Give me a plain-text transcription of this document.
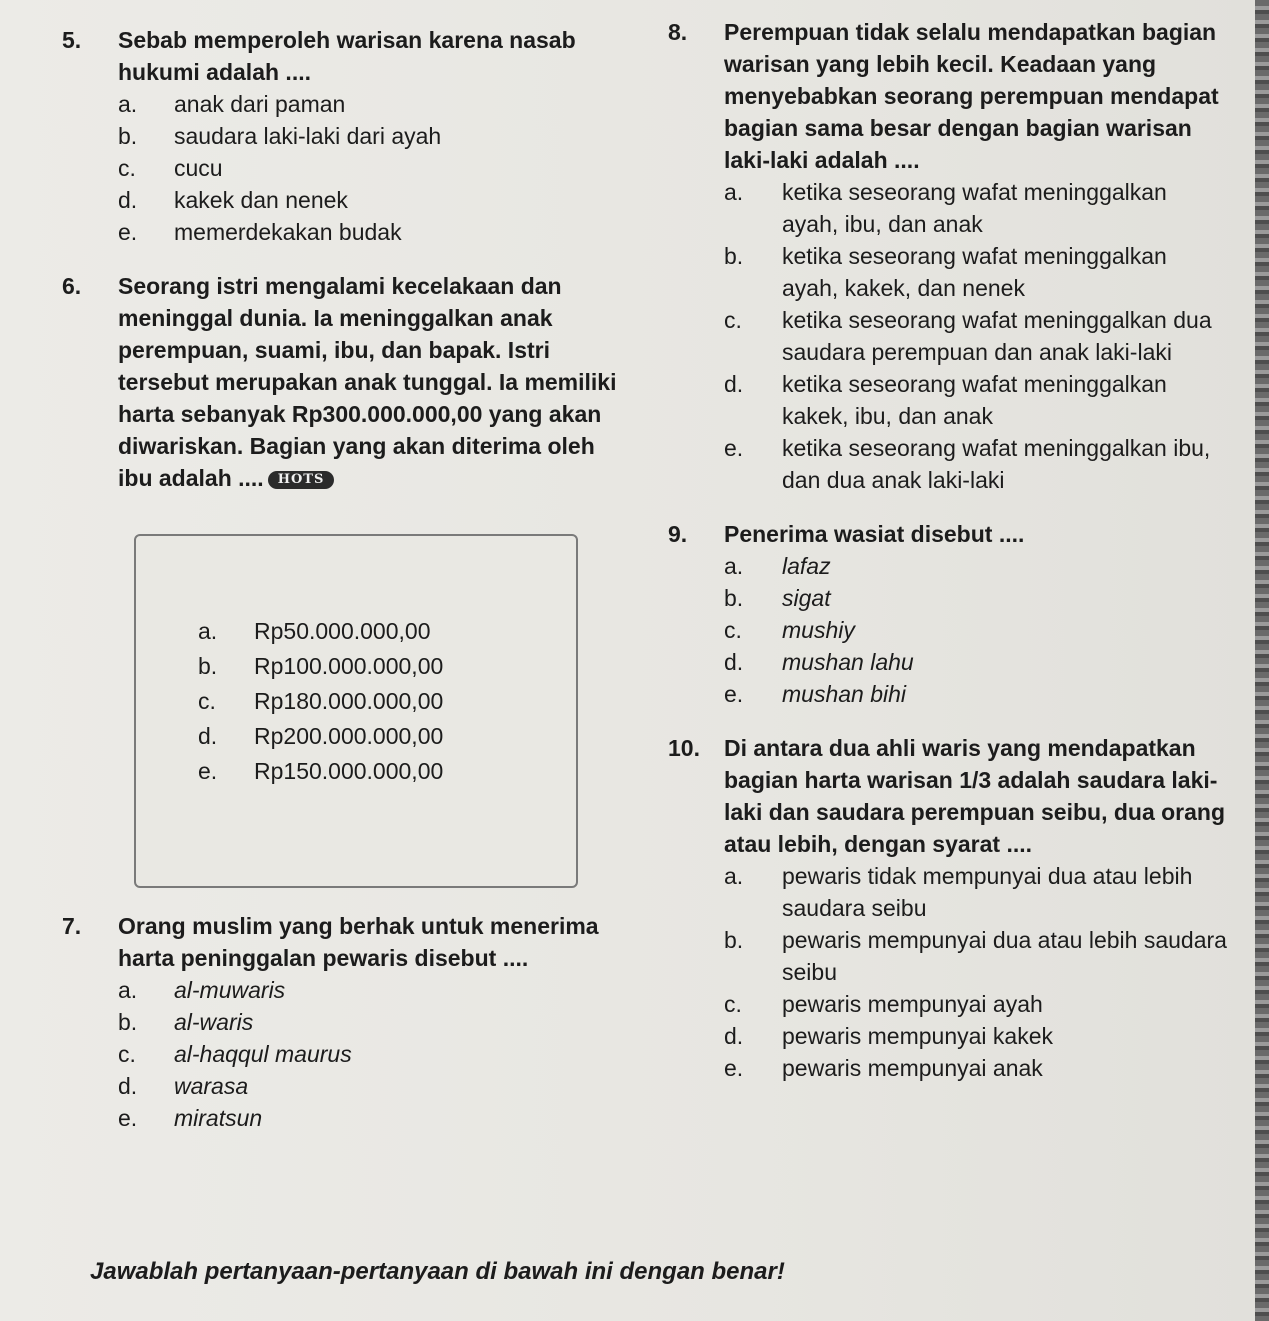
5. Sebab memperoleh warisan karena nasab hukumi adalah ....
a. anak dari paman
b. saudara laki-laki dari ayah
c. cucu
d. kakek dan nenek
e. memerdekakan budak
6. Seorang istri mengalami kecelakaan dan meninggal dunia. Ia meninggalkan anak perempuan, suami, ibu, dan bapak. Istri tersebut merupakan anak tunggal. Ia memiliki harta sebanyak Rp300.000.000,00 yang akan diwariskan. Bagian yang akan diterima oleh ibu adalah .... HOTS
a. Rp50.000.000,00
b. Rp100.000.000,00
c. Rp180.000.000,00
d. Rp200.000.000,00
e. Rp150.000.000,00
7. Orang muslim yang berhak untuk menerima harta peninggalan pewaris disebut ....
a. al-muwaris
b. al-waris
c. al-haqqul maurus
d. warasa
e. miratsun
8. Perempuan tidak selalu mendapatkan bagian warisan yang lebih kecil. Keadaan yang menyebabkan seorang perempuan mendapat bagian sama besar dengan bagian warisan laki-laki adalah ....
a. ketika seseorang wafat meninggalkan ayah, ibu, dan anak
b. ketika seseorang wafat meninggalkan ayah, kakek, dan nenek
c. ketika seseorang wafat meninggalkan dua saudara perempuan dan anak laki-laki
d. ketika seseorang wafat meninggalkan kakek, ibu, dan anak
e. ketika seseorang wafat meninggalkan ibu, dan dua anak laki-laki
9. Penerima wasiat disebut ....
a. lafaz
b. sigat
c. mushiy
d. mushan lahu
e. mushan bihi
10. Di antara dua ahli waris yang mendapatkan bagian harta warisan 1/3 adalah saudara laki-laki dan saudara perempuan seibu, dua orang atau lebih, dengan syarat ....
a. pewaris tidak mempunyai dua atau lebih saudara seibu
b. pewaris mempunyai dua atau lebih saudara seibu
c. pewaris mempunyai ayah
d. pewaris mempunyai kakek
e. pewaris mempunyai anak
Jawablah pertanyaan-pertanyaan di bawah ini dengan benar!
